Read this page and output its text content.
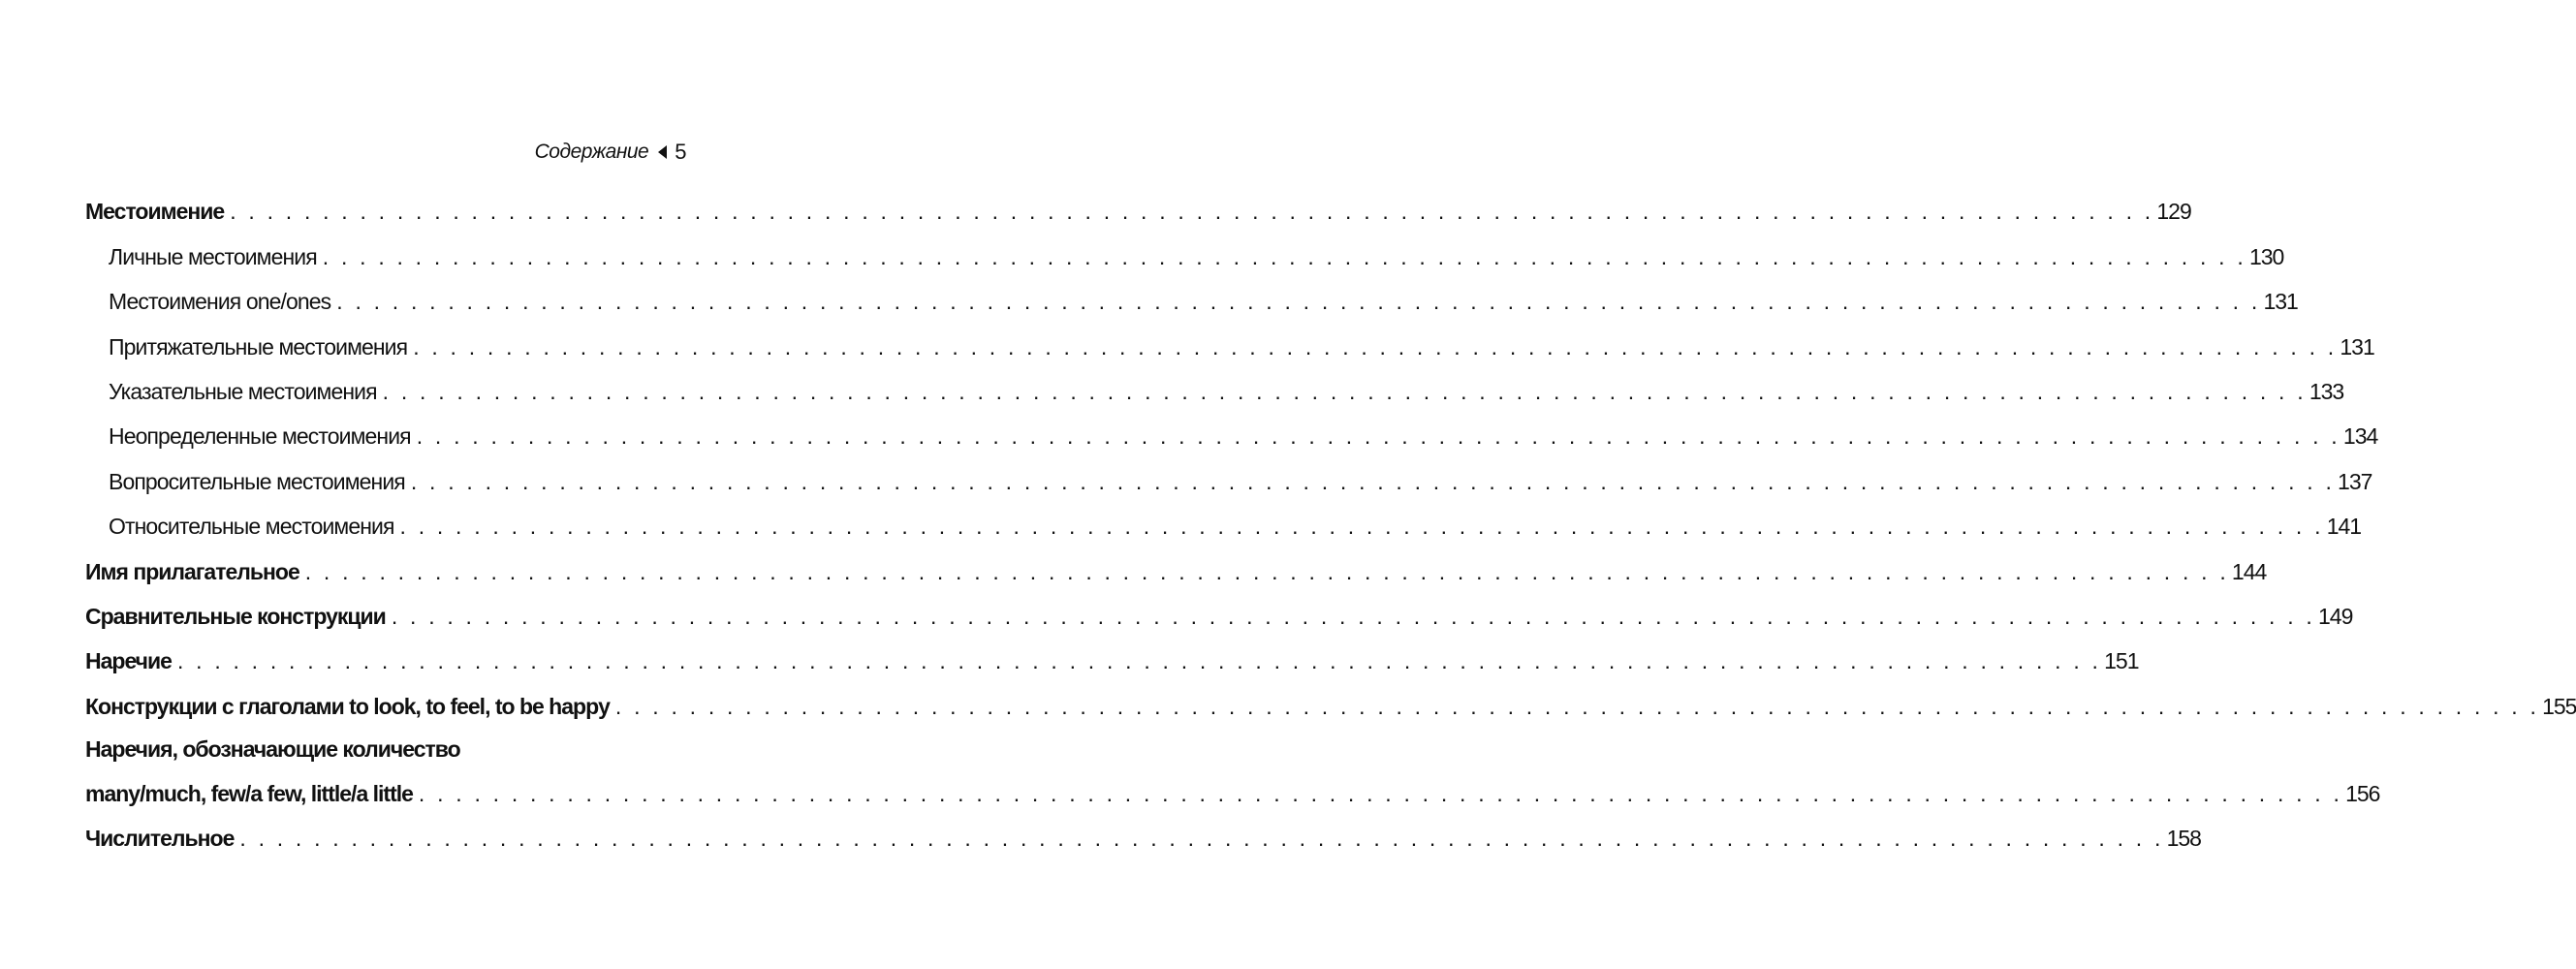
Содержание 5
Местоимение . . . . . . . . . . . . . . . . . . . . . . . . . . . . . . . . . . . . . . . . . . . . . . . . . . . . . . . . . . . . . . . . . . . . . . . . . . . . . . . . . . . . . . . . . . . . . . . . . . . . . . . . 129
Личные местоимения . . . . . . . . . . . . . . . . . . . . . . . . . . . . . . . . . . . . . . . . . . . . . . . . . . . . . . . . . . . . . . . . . . . . . . . . . . . . . . . . . . . . . . . . . . . . . . . . . . . . . . . . 130
Местоимения one/ones . . . . . . . . . . . . . . . . . . . . . . . . . . . . . . . . . . . . . . . . . . . . . . . . . . . . . . . . . . . . . . . . . . . . . . . . . . . . . . . . . . . . . . . . . . . . . . . . . . . . . . . . 131
Притяжательные местоимения . . . . . . . . . . . . . . . . . . . . . . . . . . . . . . . . . . . . . . . . . . . . . . . . . . . . . . . . . . . . . . . . . . . . . . . . . . . . . . . . . . . . . . . . . . . . . . . . . . . . . . . . 131
Указательные местоимения . . . . . . . . . . . . . . . . . . . . . . . . . . . . . . . . . . . . . . . . . . . . . . . . . . . . . . . . . . . . . . . . . . . . . . . . . . . . . . . . . . . . . . . . . . . . . . . . . . . . . . . . 133
Неопределенные местоимения . . . . . . . . . . . . . . . . . . . . . . . . . . . . . . . . . . . . . . . . . . . . . . . . . . . . . . . . . . . . . . . . . . . . . . . . . . . . . . . . . . . . . . . . . . . . . . . . . . . . . . . . 134
Вопросительные местоимения . . . . . . . . . . . . . . . . . . . . . . . . . . . . . . . . . . . . . . . . . . . . . . . . . . . . . . . . . . . . . . . . . . . . . . . . . . . . . . . . . . . . . . . . . . . . . . . . . . . . . . . . 137
Относительные местоимения . . . . . . . . . . . . . . . . . . . . . . . . . . . . . . . . . . . . . . . . . . . . . . . . . . . . . . . . . . . . . . . . . . . . . . . . . . . . . . . . . . . . . . . . . . . . . . . . . . . . . . . . 141
Имя прилагательное . . . . . . . . . . . . . . . . . . . . . . . . . . . . . . . . . . . . . . . . . . . . . . . . . . . . . . . . . . . . . . . . . . . . . . . . . . . . . . . . . . . . . . . . . . . . . . . . . . . . . . . . 144
Сравнительные конструкции . . . . . . . . . . . . . . . . . . . . . . . . . . . . . . . . . . . . . . . . . . . . . . . . . . . . . . . . . . . . . . . . . . . . . . . . . . . . . . . . . . . . . . . . . . . . . . . . . . . . . . . . 149
Наречие . . . . . . . . . . . . . . . . . . . . . . . . . . . . . . . . . . . . . . . . . . . . . . . . . . . . . . . . . . . . . . . . . . . . . . . . . . . . . . . . . . . . . . . . . . . . . . . . . . . . . . . . 151
Конструкции с глаголами to look, to feel, to be happy . . . . . . . . . . . . . . . . . . . . . . . . . . . . . . . . . . . . . . . . . . . . . . . . . . . . . . . . . . . . . . . . . . . . . . . . . . . . . . . . . . . . . . . . . . . . . . . . . . . . . . . . 155
Наречия, обозначающие количество
many/much, few/a few, little/a little . . . . . . . . . . . . . . . . . . . . . . . . . . . . . . . . . . . . . . . . . . . . . . . . . . . . . . . . . . . . . . . . . . . . . . . . . . . . . . . . . . . . . . . . . . . . . . . . . . . . . . . . 156
Числительное . . . . . . . . . . . . . . . . . . . . . . . . . . . . . . . . . . . . . . . . . . . . . . . . . . . . . . . . . . . . . . . . . . . . . . . . . . . . . . . . . . . . . . . . . . . . . . . . . . . . . . . . 158
